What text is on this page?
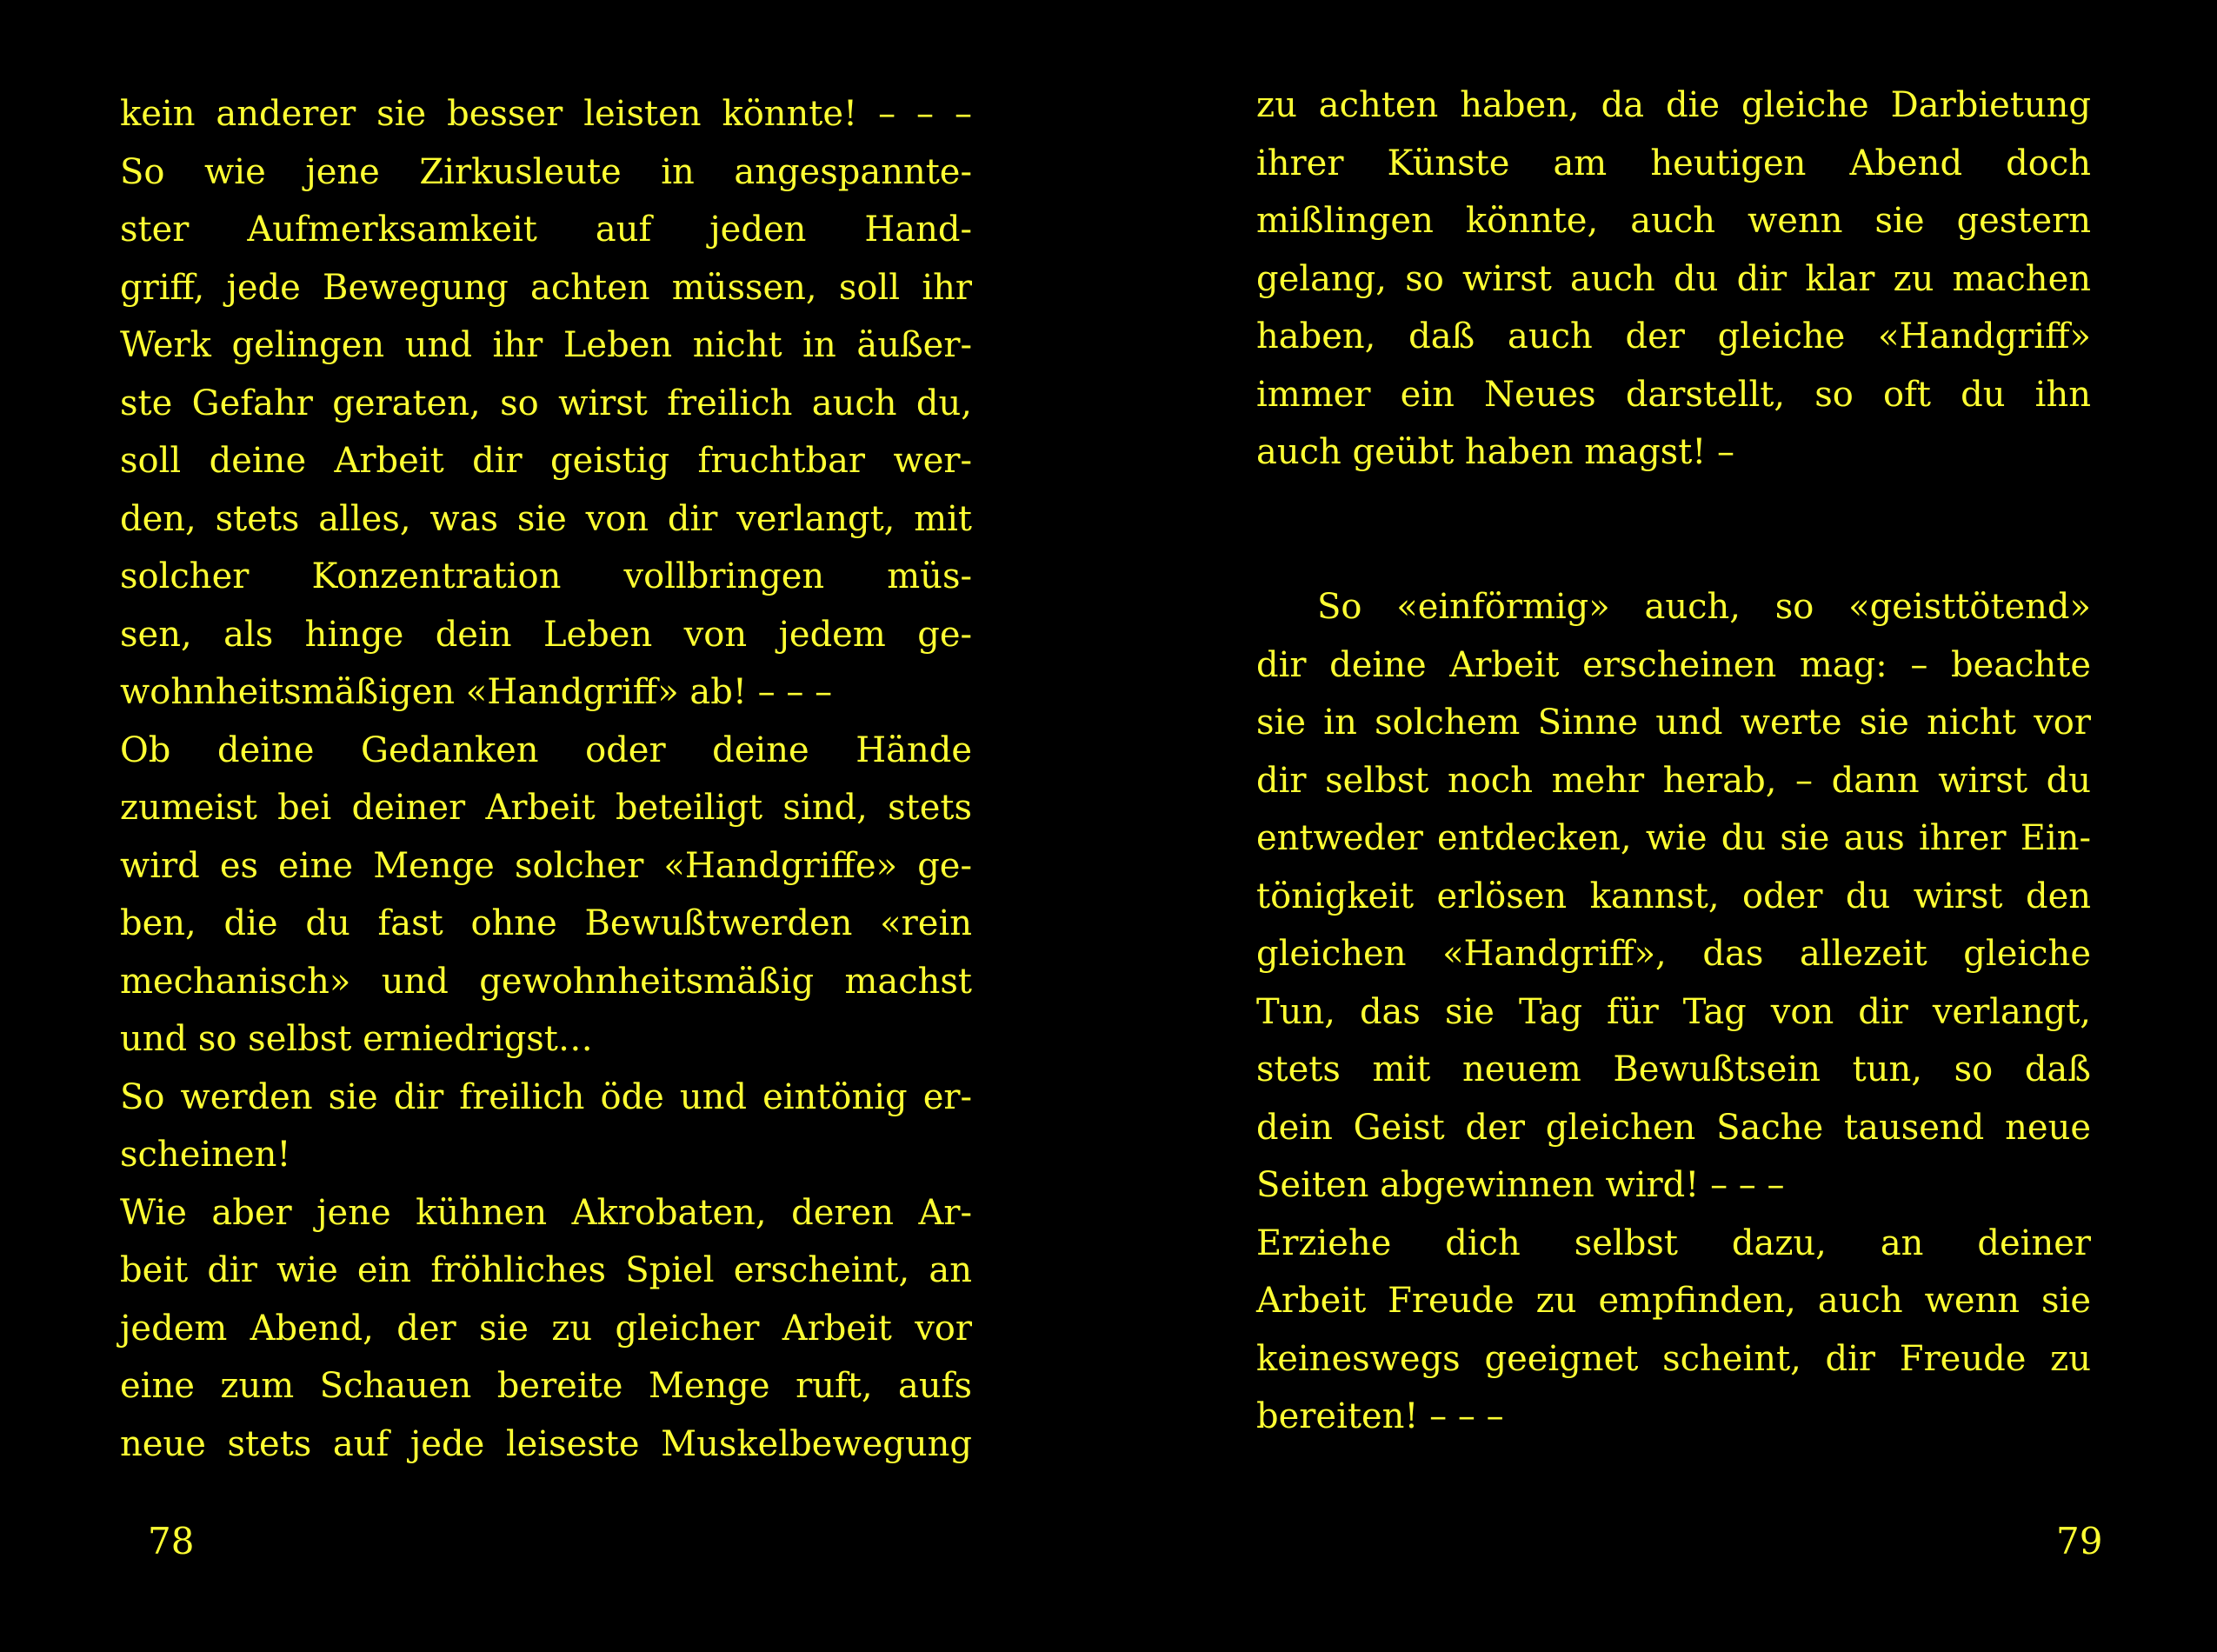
kein anderer sie besser leisten könnte! – – –
So wie jene Zirkusleute in angespannte-
ster Aufmerksamkeit auf jeden Hand-
griff, jede Bewegung achten müssen, soll ihr
Werk gelingen und ihr Leben nicht in äußer-
ste Gefahr geraten, so wirst freilich auch du,
soll deine Arbeit dir geistig fruchtbar wer-
den, stets alles, was sie von dir verlangt, mit
solcher Konzentration vollbringen müs-
sen, als hinge dein Leben von jedem ge-
wohnheitsmäßigen «Handgriff» ab! – – –
Ob deine Gedanken oder deine Hände
zumeist bei deiner Arbeit beteiligt sind, stets
wird es eine Menge solcher «Handgriffe» ge-
ben, die du fast ohne Bewußtwerden «rein
mechanisch» und gewohnheitsmäßig machst
und so selbst erniedrigst…
So werden sie dir freilich öde und eintönig er-
scheinen!
Wie aber jene kühnen Akrobaten, deren Ar-
beit dir wie ein fröhliches Spiel erscheint, an
jedem Abend, der sie zu gleicher Arbeit vor
eine zum Schauen bereite Menge ruft, aufs
neue stets auf jede leiseste Muskelbewegung

78

zu achten haben, da die gleiche Darbietung
ihrer Künste am heutigen Abend doch
mißlingen könnte, auch wenn sie gestern
gelang, so wirst auch du dir klar zu machen
haben, daß auch der gleiche «Handgriff»
immer ein Neues darstellt, so oft du ihn
auch geübt haben magst! –
So «einförmig» auch, so «geisttötend»
dir deine Arbeit erscheinen mag: – beachte
sie in solchem Sinne und werte sie nicht vor
dir selbst noch mehr herab, – dann wirst du
entweder entdecken, wie du sie aus ihrer Ein-
tönigkeit erlösen kannst, oder du wirst den
gleichen «Handgriff», das allezeit gleiche
Tun, das sie Tag für Tag von dir verlangt,
stets mit neuem Bewußtsein tun, so daß
dein Geist der gleichen Sache tausend neue
Seiten abgewinnen wird! – – –
Erziehe dich selbst dazu, an deiner
Arbeit Freude zu empfinden, auch wenn sie
keineswegs geeignet scheint, dir Freude zu
bereiten! – – –

79
